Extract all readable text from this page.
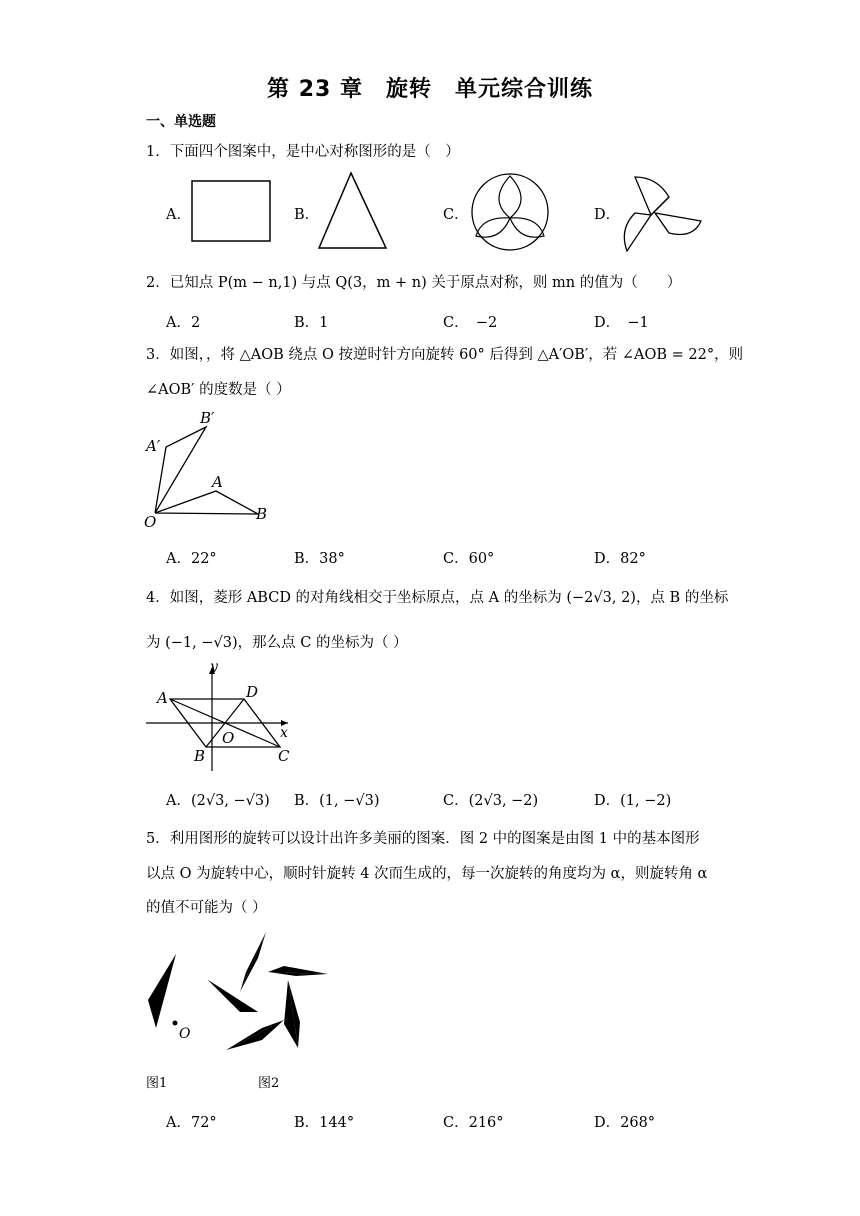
第 23 章　旋转　单元综合训练
一、单选题
1．下面四个图案中，是中心对称图形的是（　）
A．	B．	C．	D．
2．已知点 P(m − n,1) 与点 Q(3，m + n) 关于原点对称，则 mn 的值为（　　）
A．2	B．1	C．　−2	D．　−1
3．如图，，将 △AOB 绕点 O 按逆时针方向旋转 60° 后得到 △A′OB′，若 ∠AOB = 22°，则
∠AOB′ 的度数是（ ）
A′
B′
A
B
O
A．22°	B．38°	C．60°	D．82°
4．如图，菱形 ABCD 的对角线相交于坐标原点，点 A 的坐标为 (−2√3, 2)，点 B 的坐标
为 (−1, −√3)，那么点 C 的坐标为（ ）
y
x
A	D
B	C
O
A．(2√3, −√3) B．(1, −√3)	C．(2√3, −2)	D．(1, −2)
5．利用图形的旋转可以设计出许多美丽的图案．图 2 中的图案是由图 1 中的基本图形
以点 O 为旋转中心，顺时针旋转 4 次而生成的，每一次旋转的角度均为 α，则旋转角 α
的值不可能为（ ）
O
图1	图2
A．72°	B．144°	C．216°	D．268°
